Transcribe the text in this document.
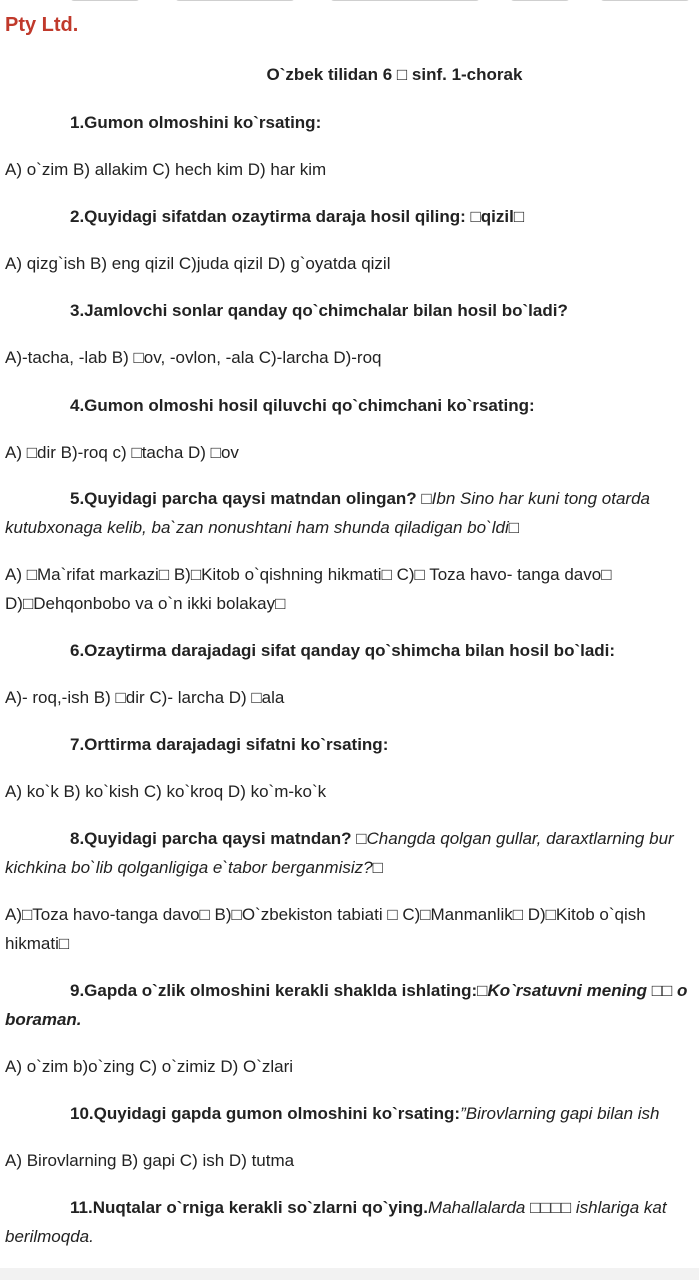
Pty Ltd.
O`zbek tilidan 6 □ sinf. 1-chorak
1.Gumon olmoshini ko`rsating:
A) o`zim B) allakim C) hech kim D) har kim
2.Quyidagi sifatdan ozaytirma daraja hosil qiling: □qizil□
A) qizg`ish B) eng qizil C)juda qizil D) g`oyatda qizil
3.Jamlovchi sonlar qanday qo`chimchalar bilan hosil bo`ladi?
A)-tacha, -lab B) □ov, -ovlon, -ala C)-larcha D)-roq
4.Gumon olmoshi hosil qiluvchi qo`chimchani ko`rsating:
A) □dir B)-roq c) □tacha D) □ov
5.Quyidagi parcha qaysi matndan olingan? □Ibn Sino har kuni tong otarda
kutubxonaga kelib, ba`zan nonushtani ham shunda qiladigan bo`ldi□
A) □Ma`rifat markazi□ B)□Kitob o`qishning hikmati□ C)□ Toza havo- tanga davo□
D)□Dehqonbobo va o`n ikki bolakay□
6.Ozaytirma darajadagi sifat qanday qo`shimcha bilan hosil bo`ladi:
A)- roq,-ish B) □dir C)- larcha D) □ala
7.Orttirma darajadagi sifatni ko`rsating:
A) ko`k B) ko`kish C) ko`kroq D) ko`m-ko`k
8.Quyidagi parcha qaysi matndan? □Changda qolgan gullar, daraxtlarning bur
kichkina bo`lib qolganligiga e`tabor berganmisiz?□
A)□Toza havo-tanga davo□ B)□O`zbekiston tabiati □ C)□Manmanlik□ D)□Kitob o`qish
hikmati□
9.Gapda o`zlik olmoshini kerakli shaklda ishlating:□Ko`rsatuvni mening □□ o
boraman.
A) o`zim b)o`zing C) o`zimiz D) O`zlari
10.Quyidagi gapda gumon olmoshini ko`rsating:”Birovlarning gapi bilan ish
A) Birovlarning B) gapi C) ish D) tutma
11.Nuqtalar o`rniga kerakli so`zlarni qo`ying.Mahallalarda □□□□ ishlariga kat
berilmoqda.
